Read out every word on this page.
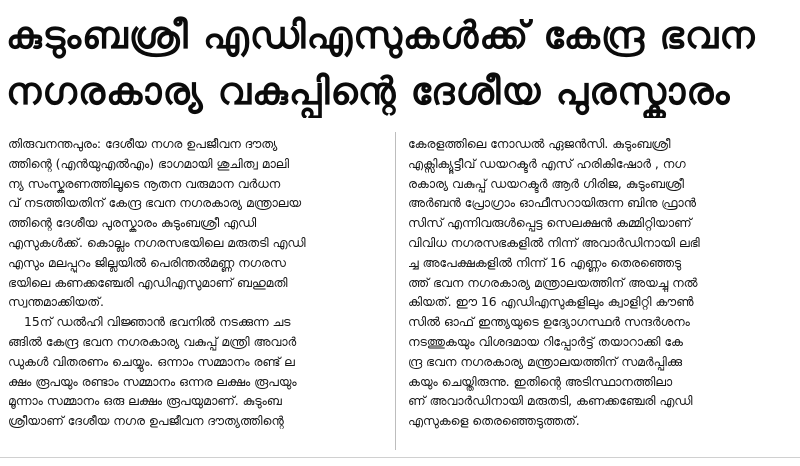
കുടുംബശ്രീ എഡിഎസുകൾക്ക് കേന്ദ്ര ഭവന
നഗരകാര്യ വകുപ്പിന്റെ ദേശീയ പുരസ്കാരം
തിരുവനന്തപുരം: ദേശീയ നഗര ഉപജീവന ദൗത്യ
ത്തിന്റെ (എൻയുഎൽഎം) ഭാഗമായി ശുചിത്വ മാലി
ന്യ സംസ്കരണത്തിലൂടെ നൂതന വരുമാന വർധന
വ് നടത്തിയതിന് കേന്ദ്ര ഭവന നഗരകാര്യ മന്ത്രാലയ
ത്തിന്റെ ദേശീയ പുരസ്കാരം കുടുംബശ്രീ എഡി
എസുകൾക്ക്. കൊല്ലം നഗരസഭയിലെ മരുതടി എഡി
എസും മലപ്പുറം ജില്ലയിൽ പെരിന്തൽമണ്ണ നഗരസ
ഭയിലെ കണക്കഞ്ചേരി എഡിഎസുമാണ് ബഹുമതി
സ്വന്തമാക്കിയത്.
15ന് ഡൽഹി വിജ്ഞാൻ ഭവനിൽ നടക്കുന്ന ചട
ങ്ങിൽ കേന്ദ്ര ഭവന നഗരകാര്യ വകുപ്പ് മന്ത്രി അവാർ
ഡുകൾ വിതരണം ചെയ്യും. ഒന്നാം സമ്മാനം രണ്ട് ല
ക്ഷം രൂപയും രണ്ടാം സമ്മാനം ഒന്നര ലക്ഷം രൂപയും
മൂന്നാം സമ്മാനം ഒരു ലക്ഷം രൂപയുമാണ്. കുടുംബ
ശ്രീയാണ് ദേശീയ നഗര ഉപജീവന ദൗത്യത്തിന്റെ
കേരളത്തിലെ നോഡൽ ഏജൻസി. കുടുംബശ്രീ
എക്സിക്യൂട്ടീവ് ഡയറക്ടർ എസ് ഹരികിഷോർ , നഗ
രകാര്യ വകുപ്പ് ഡയറക്ടർ ആർ ഗിരിജ, കുടുംബശ്രീ
അർബൻ പ്രോഗ്രാം ഓഫീസറായിരുന്ന ബിനു ഫ്രാൻ
സിസ് എന്നിവരുൾപ്പെട്ട സെലക്ഷൻ കമ്മിറ്റിയാണ്
വിവിധ നഗരസഭകളിൽ നിന്ന് അവാർഡിനായി ലഭി
ച്ച അപേക്ഷകളിൽ നിന്ന് 16 എണ്ണം തെരഞ്ഞെടു
ത്ത് ഭവന നഗരകാര്യ മന്ത്രാലയത്തിന് അയച്ചു നൽ
കിയത്. ഈ 16 എഡിഎസുകളിലും ക്വാളിറ്റി കൗൺ
സിൽ ഓഫ് ഇന്ത്യയുടെ ഉദ്യോഗസ്ഥർ സന്ദർശനം
നടത്തുകയും വിശദമായ റിപ്പോർട്ട് തയാറാക്കി കേ
ന്ദ്ര ഭവന നഗരകാര്യ മന്ത്രാലയത്തിന് സമർപ്പിക്കു
കയും ചെയ്തിരുന്നു. ഇതിന്റെ അടിസ്ഥാനത്തിലാ
ണ് അവാർഡിനായി മരുതടി, കണക്കഞ്ചേരി എഡി
എസുകളെ തെരഞ്ഞെടുത്തത്.
